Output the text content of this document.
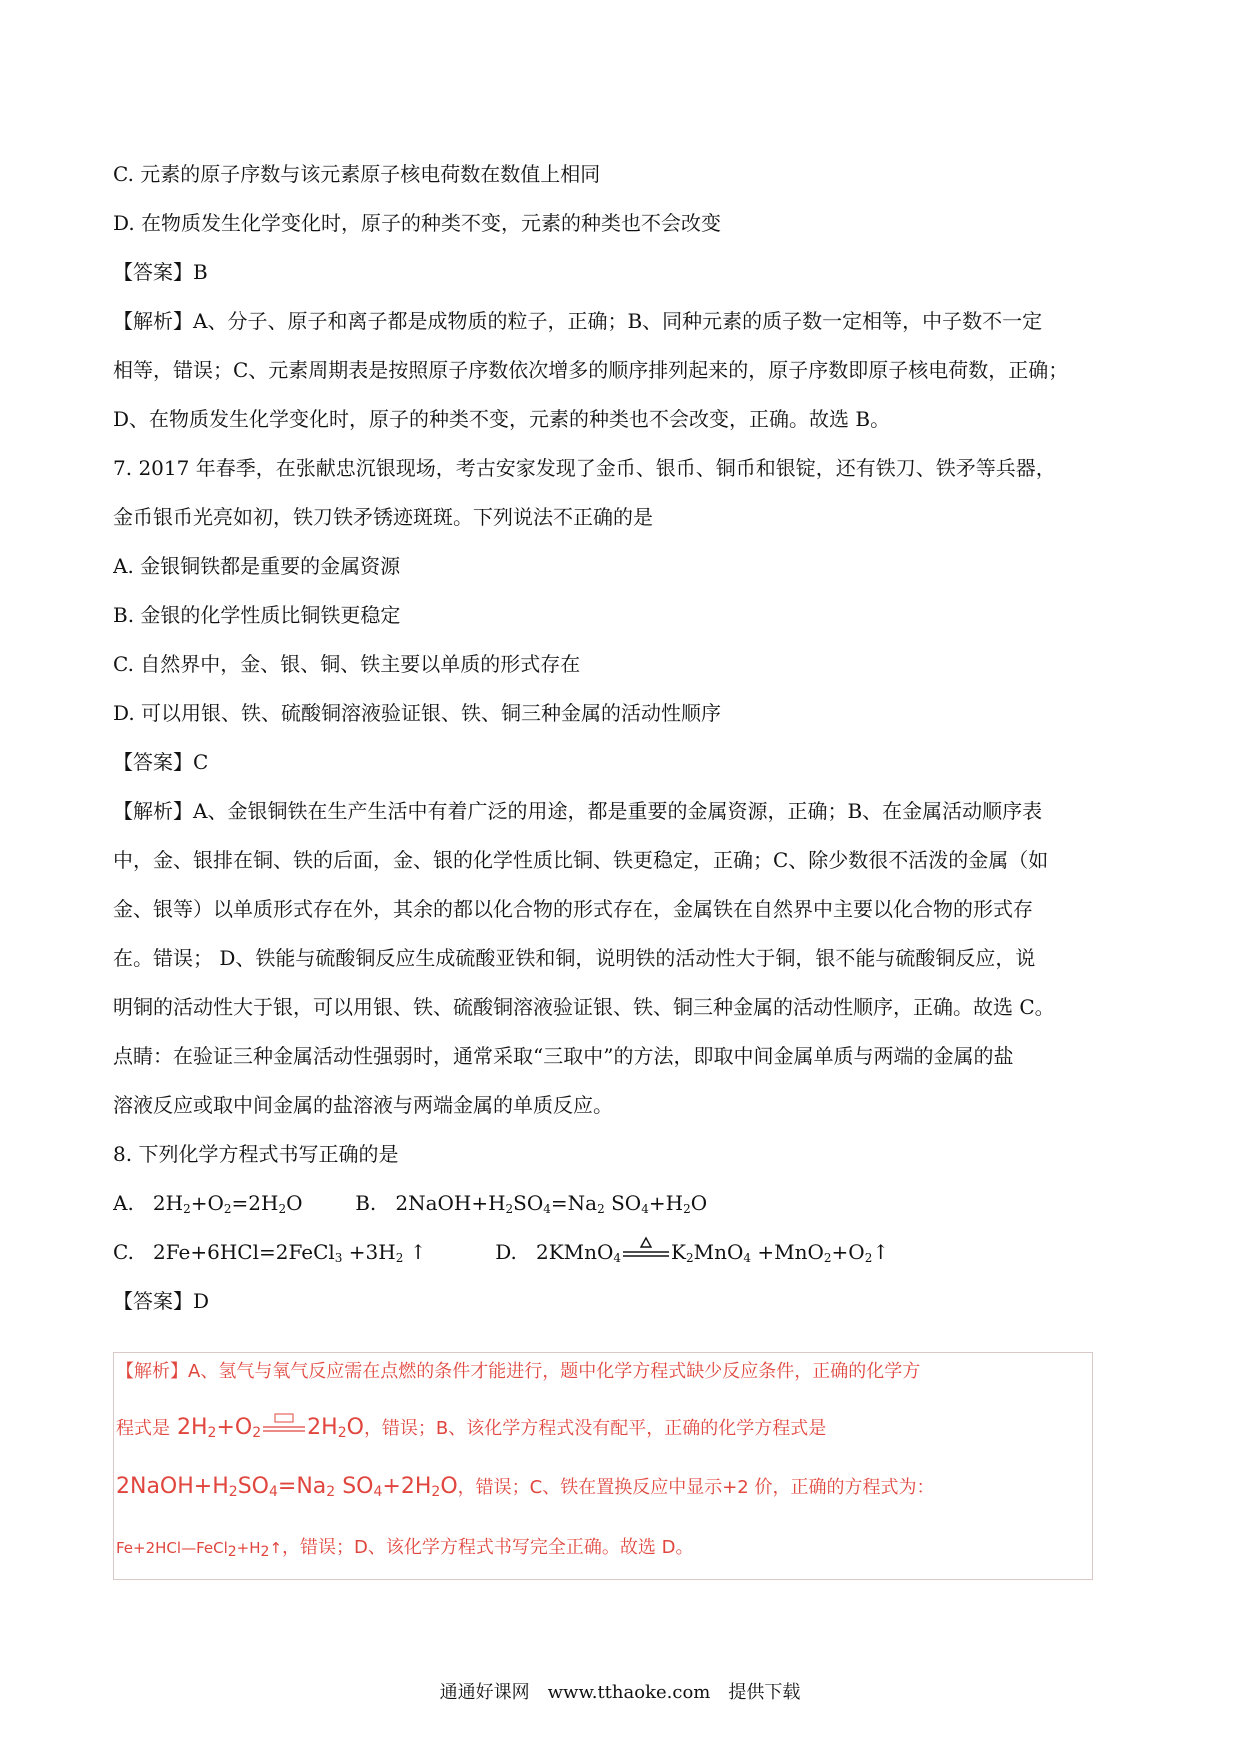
C. 元素的原子序数与该元素原子核电荷数在数值上相同
D. 在物质发生化学变化时，原子的种类不变，元素的种类也不会改变
【答案】B
【解析】A、分子、原子和离子都是成物质的粒子，正确；B、同种元素的质子数一定相等，中子数不一定
相等，错误；C、元素周期表是按照原子序数依次增多的顺序排列起来的，原子序数即原子核电荷数，正确；
D、在物质发生化学变化时，原子的种类不变，元素的种类也不会改变，正确。故选 B。
7. 2017 年春季，在张献忠沉银现场，考古安家发现了金币、银币、铜币和银锭，还有铁刀、铁矛等兵器，
金币银币光亮如初，铁刀铁矛锈迹斑斑。下列说法不正确的是
A. 金银铜铁都是重要的金属资源
B. 金银的化学性质比铜铁更稳定
C. 自然界中，金、银、铜、铁主要以单质的形式存在
D. 可以用银、铁、硫酸铜溶液验证银、铁、铜三种金属的活动性顺序
【答案】C
【解析】A、金银铜铁在生产生活中有着广泛的用途，都是重要的金属资源，正确；B、在金属活动顺序表
中，金、银排在铜、铁的后面，金、银的化学性质比铜、铁更稳定，正确；C、除少数很不活泼的金属（如
金、银等）以单质形式存在外，其余的都以化合物的形式存在，金属铁在自然界中主要以化合物的形式存
在。错误； D、铁能与硫酸铜反应生成硫酸亚铁和铜，说明铁的活动性大于铜，银不能与硫酸铜反应，说
明铜的活动性大于银，可以用银、铁、硫酸铜溶液验证银、铁、铜三种金属的活动性顺序，正确。故选 C。
点睛：在验证三种金属活动性强弱时，通常采取“三取中”的方法，即取中间金属单质与两端的金属的盐
溶液反应或取中间金属的盐溶液与两端金属的单质反应。
8. 下列化学方程式书写正确的是
A.   $2H_2+O_2=2H_2O$	B.   $2NaOH+H_2SO_4=Na_2$ $SO_4+H_2O$
C.   2Fe+6HCl=2FeCl$_3$ $+3H_2$ ↑	D.   2KMnO$_4$	$K_2MnO_4$ $+MnO_2+O_2↑$
【答案】D
【解析】A、氢气与氧气反应需在点燃的条件才能进行，题中化学方程式缺少反应条件，正确的化学方
程式是 $2H_2+O_2$ $2H_2O$，错误；B、该化学方程式没有配平，正确的化学方程式是
$2NaOH+H_2SO_4=Na_2$ $SO_4+2H_2O$，错误；C、铁在置换反应中显示+2 价，正确的方程式为：
$Fe+2HCl—FeCl_2+H_2↑$，错误；D、该化学方程式书写完全正确。故选 D。
通通好课网　www.tthaoke.com　提供下载
